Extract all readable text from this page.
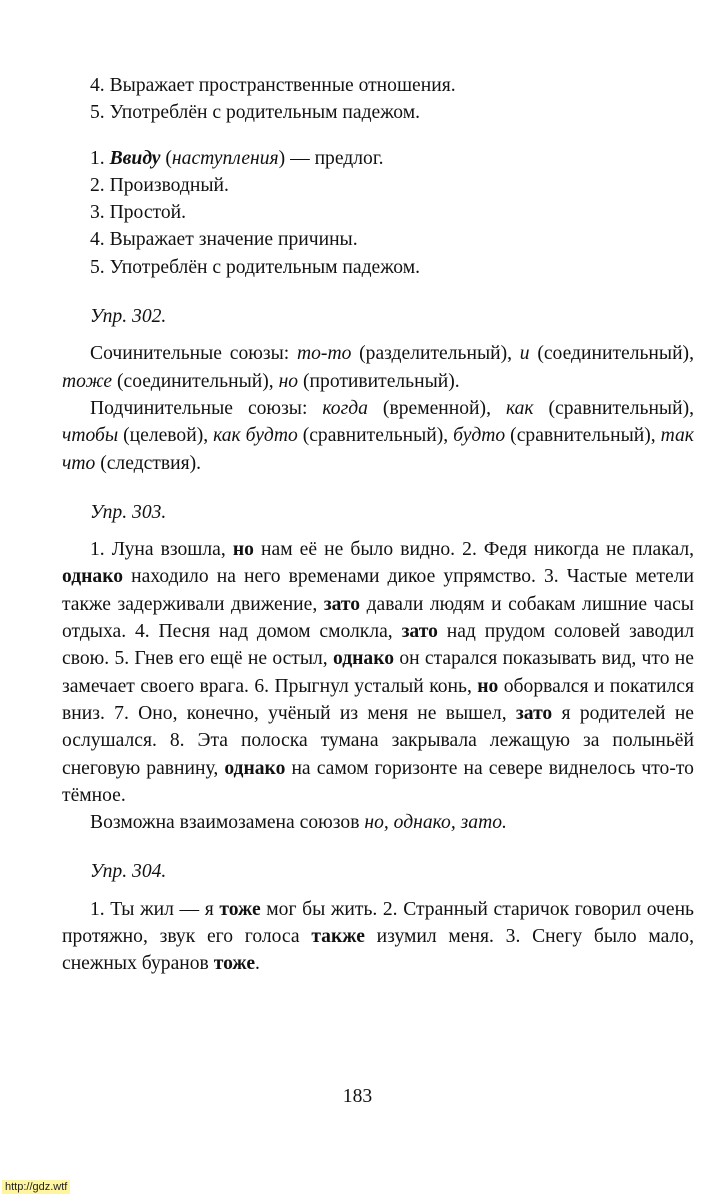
4. Выражает пространственные отношения.

5. Употреблён с родительным падежом.

1. Ввиду (наступления) — предлог.

2. Производный.

3. Простой.

4. Выражает значение причины.

5. Употреблён с родительным падежом.

Упр. 302.

Сочинительные союзы: то-то (разделительный), и (соединительный), тоже (соединительный), но (противительный).

Подчинительные союзы: когда (временной), как (сравнительный), чтобы (целевой), как будто (сравнительный), будто (сравнительный), так что (следствия).

Упр. 303.

1. Луна взошла, но нам её не было видно. 2. Федя никогда не плакал, однако находило на него временами дикое упрямство. 3. Частые метели также задерживали движение, зато давали людям и собакам лишние часы отдыха. 4. Песня над домом смолкла, зато над прудом соловей заводил свою. 5. Гнев его ещё не остыл, однако он старался показывать вид, что не замечает своего врага. 6. Прыгнул усталый конь, но оборвался и покатился вниз. 7. Оно, конечно, учёный из меня не вышел, зато я родителей не ослушался. 8. Эта полоска тумана закрывала лежащую за полыньёй снеговую равнину, однако на самом горизонте на севере виднелось что-то тёмное.

Возможна взаимозамена союзов но, однако, зато.

Упр. 304.

1. Ты жил — я тоже мог бы жить. 2. Странный старичок говорил очень протяжно, звук его голоса также изумил меня. 3. Снегу было мало, снежных буранов тоже.

183
http://gdz.wtf
